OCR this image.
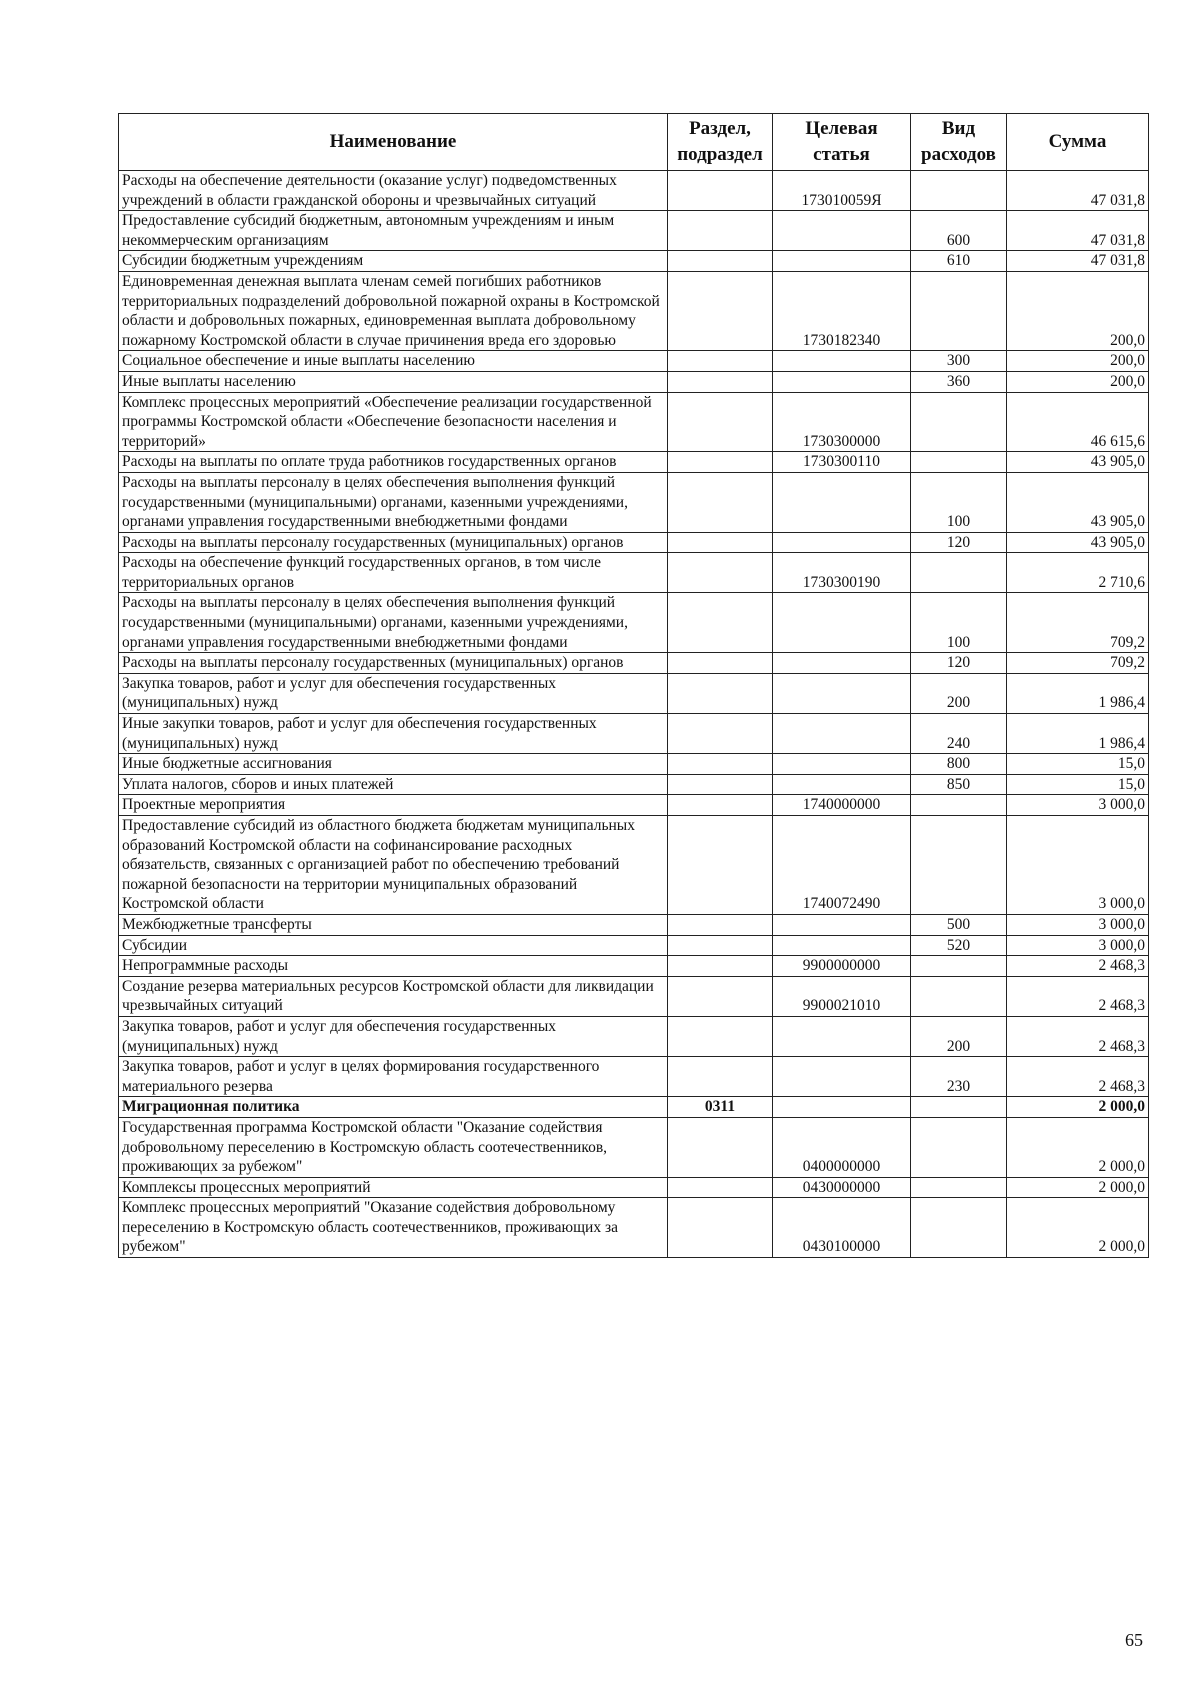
Наименование	Раздел, подраздел	Целевая статья	Вид расходов	Сумма
Расходы на обеспечение деятельности (оказание услуг) подведомственных учреждений в области гражданской обороны и чрезвычайных ситуаций		173010059Я		47 031,8
Предоставление субсидий бюджетным, автономным учреждениям и иным некоммерческим организациям			600	47 031,8
Субсидии бюджетным учреждениям			610	47 031,8
Единовременная денежная выплата членам семей погибших работников территориальных подразделений добровольной пожарной охраны в Костромской области и добровольных пожарных, единовременная выплата добровольному пожарному Костромской области в случае причинения вреда его здоровью		1730182340		200,0
Социальное обеспечение и иные выплаты населению			300	200,0
Иные выплаты населению			360	200,0
Комплекс процессных мероприятий «Обеспечение реализации государственной программы Костромской области «Обеспечение безопасности населения и территорий»		1730300000		46 615,6
Расходы на выплаты по оплате труда работников государственных органов		1730300110		43 905,0
Расходы на выплаты персоналу в целях обеспечения выполнения функций государственными (муниципальными) органами, казенными учреждениями, органами управления государственными внебюджетными фондами			100	43 905,0
Расходы на выплаты персоналу государственных (муниципальных) органов			120	43 905,0
Расходы на обеспечение функций государственных органов, в том числе территориальных органов		1730300190		2 710,6
Расходы на выплаты персоналу в целях обеспечения выполнения функций государственными (муниципальными) органами, казенными учреждениями, органами управления государственными внебюджетными фондами			100	709,2
Расходы на выплаты персоналу государственных (муниципальных) органов			120	709,2
Закупка товаров, работ и услуг для обеспечения государственных (муниципальных) нужд			200	1 986,4
Иные закупки товаров, работ и услуг для обеспечения государственных (муниципальных) нужд			240	1 986,4
Иные бюджетные ассигнования			800	15,0
Уплата налогов, сборов и иных платежей			850	15,0
Проектные мероприятия		1740000000		3 000,0
Предоставление субсидий из областного бюджета бюджетам муниципальных образований Костромской области на софинансирование расходных обязательств, связанных с организацией работ по обеспечению требований пожарной безопасности на территории муниципальных образований Костромской области		1740072490		3 000,0
Межбюджетные трансферты			500	3 000,0
Субсидии			520	3 000,0
Непрограммные расходы		9900000000		2 468,3
Создание резерва материальных ресурсов Костромской области для ликвидации чрезвычайных ситуаций		9900021010		2 468,3
Закупка товаров, работ и услуг для обеспечения государственных (муниципальных) нужд			200	2 468,3
Закупка товаров, работ и услуг в целях формирования государственного материального резерва			230	2 468,3
Миграционная политика	0311			2 000,0
Государственная программа Костромской области "Оказание содействия добровольному переселению в Костромскую область соотечественников, проживающих за рубежом"		0400000000		2 000,0
Комплексы процессных мероприятий		0430000000		2 000,0
Комплекс процессных мероприятий "Оказание содействия добровольному переселению в Костромскую область соотечественников, проживающих за рубежом"		0430100000		2 000,0
65
